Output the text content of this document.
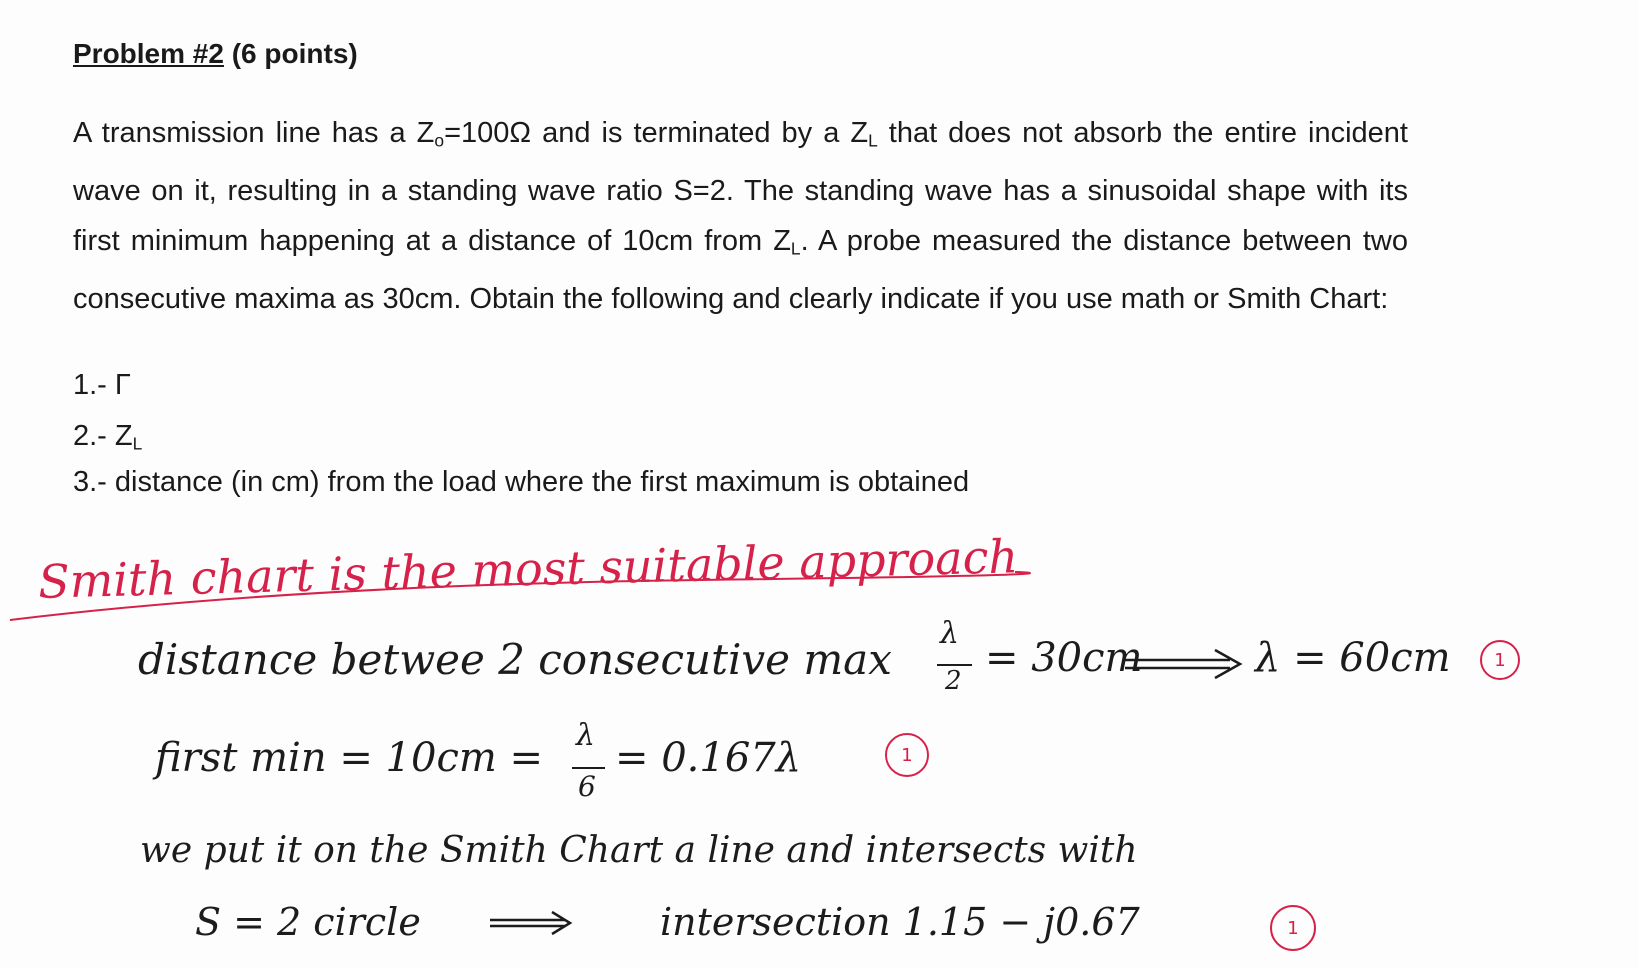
Problem #2 (6 points)
A transmission line has a $Z_o=100\Omega$ and is terminated by a $Z_L$ that does not absorb the entire incident wave on it, resulting in a standing wave ratio S=2. The standing wave has a sinusoidal shape with its first minimum happening at a distance of 10cm from $Z_L$. A probe measured the distance between two consecutive maxima as 30cm. Obtain the following and clearly indicate if you use math or Smith Chart:
1.- Γ
2.- $Z_L$
3.- distance (in cm) from the load where the first maximum is obtained
Smith chart is the most suitable approach
distance betwee 2 consecutive max
λ
2 = 30cm	λ = 60cm	1
first min = 10cm = λ
6
= 0.167λ	1
we put it on the Smith Chart a line and intersects with
S = 2 circle	intersection 1.15 − j0.67	1
